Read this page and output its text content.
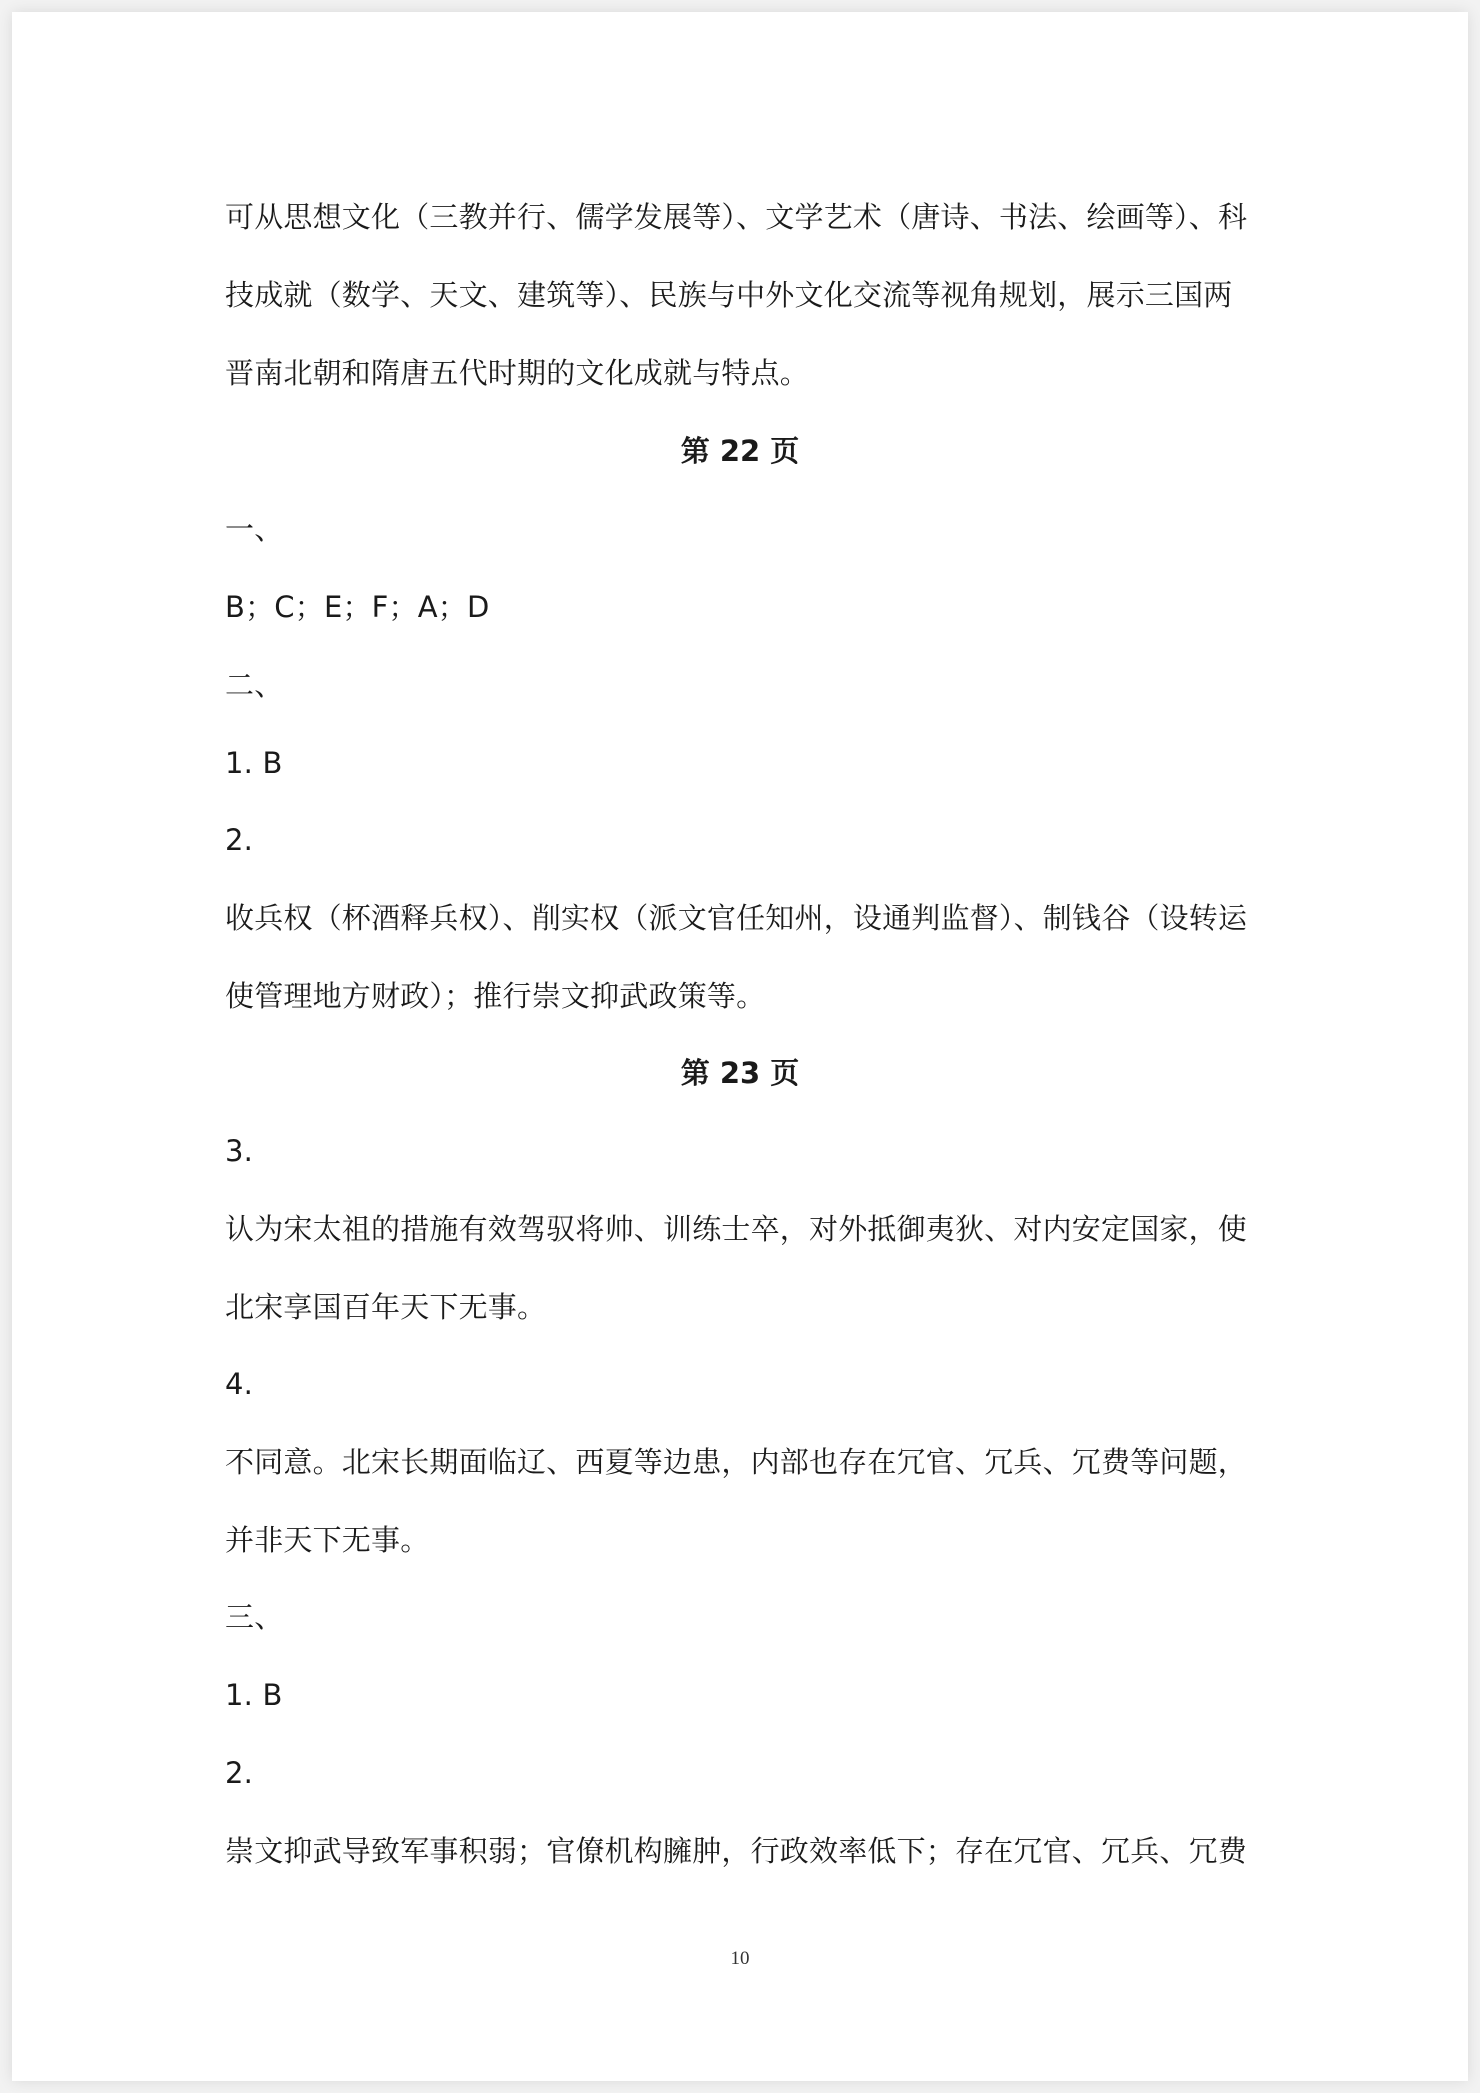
可从思想文化（三教并行、儒学发展等）、文学艺术（唐诗、书法、绘画等）、科
技成就（数学、天文、建筑等）、民族与中外文化交流等视角规划，展示三国两
晋南北朝和隋唐五代时期的文化成就与特点。
第 22 页
一、
B；C；E；F；A；D
二、
1. B
2.
收兵权（杯酒释兵权）、削实权（派文官任知州，设通判监督）、制钱谷（设转运
使管理地方财政）；推行崇文抑武政策等。
第 23 页
3.
认为宋太祖的措施有效驾驭将帅、训练士卒，对外抵御夷狄、对内安定国家，使
北宋享国百年天下无事。
4.
不同意。北宋长期面临辽、西夏等边患，内部也存在冗官、冗兵、冗费等问题，
并非天下无事。
三、
1. B
2.
崇文抑武导致军事积弱；官僚机构臃肿，行政效率低下；存在冗官、冗兵、冗费
10
